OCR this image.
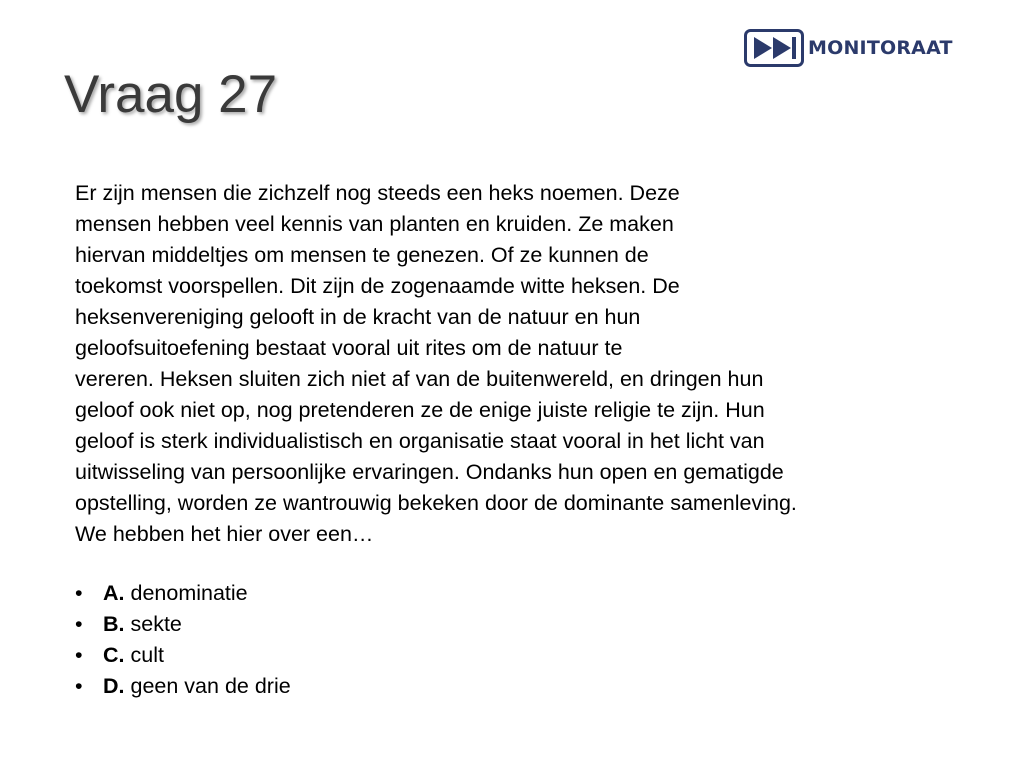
MONITORAAT
Vraag 27
Er zijn mensen die zichzelf nog steeds een heks noemen. Deze
mensen hebben veel kennis van planten en kruiden. Ze maken
hiervan middeltjes om mensen te genezen. Of ze kunnen de
toekomst voorspellen. Dit zijn de zogenaamde witte heksen. De
heksenvereniging gelooft in de kracht van de natuur en hun
geloofsuitoefening bestaat vooral uit rites om de natuur te
vereren. Heksen sluiten zich niet af van de buitenwereld, en dringen hun
geloof ook niet op, nog pretenderen ze de enige juiste religie te zijn. Hun
geloof is sterk individualistisch en organisatie staat vooral in het licht van
uitwisseling van persoonlijke ervaringen. Ondanks hun open en gematigde
opstelling, worden ze wantrouwig bekeken door de dominante samenleving.
We hebben het hier over een…
• A. denominatie
• B. sekte
• C. cult
• D. geen van de drie
